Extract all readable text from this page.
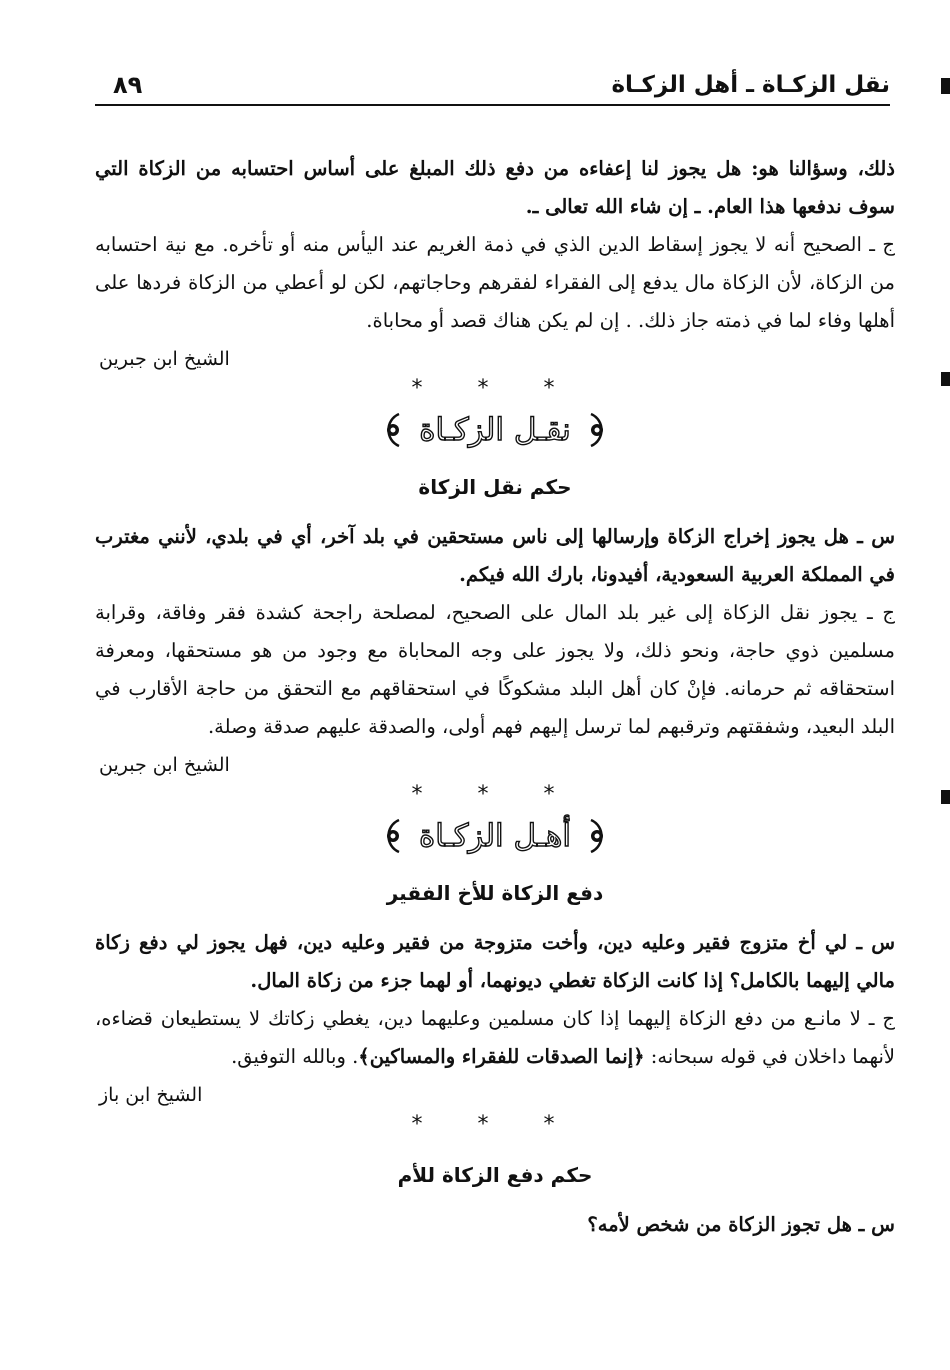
٨٩	نقل الزكـاة ـ أهل الزكـاة

ذلك، وسؤالنا هو: هل يجوز لنا إعفاءه من دفع ذلك المبلغ على أساس احتسابه من الزكاة التي سوف ندفعها هذا العام. ـ إن شاء الله تعالى ـ.

ج ـ الصحيح أنه لا يجوز إسقاط الدين الذي في ذمة الغريم عند اليأس منه أو تأخره. مع نية احتسابه من الزكاة، لأن الزكاة مال يدفع إلى الفقراء لفقرهم وحاجاتهم، لكن لو أعطي من الزكاة فردها على أهلها وفاء لما في ذمته جاز ذلك. . إن لم يكن هناك قصد أو محاباة.

الشيخ ابن جبرين

* * *
نقـل الزكـاة
حكم نقل الزكاة

س ـ هل يجوز إخراج الزكاة وإرسالها إلى ناس مستحقين في بلد آخر، أي في بلدي، لأنني مغترب في المملكة العربية السعودية، أفيدونا، بارك الله فيكم.

ج ـ يجوز نقل الزكاة إلى غير بلد المال على الصحيح، لمصلحة راجحة كشدة فقر وفاقة، وقرابة مسلمين ذوي حاجة، ونحو ذلك، ولا يجوز على وجه المحاباة مع وجود من هو مستحقها، ومعرفة استحقاقه ثم حرمانه. فإنْ كان أهل البلد مشكوكًا في استحقاقهم مع التحقق من حاجة الأقارب في البلد البعيد، وشفقتهم وترقبهم لما ترسل إليهم فهم أولى، والصدقة عليهم صدقة وصلة.

الشيخ ابن جبرين

* * *
أهـل الزكـاة
دفع الزكاة للأخ الفقير

س ـ لي أخ متزوج فقير وعليه دين، وأخت متزوجة من فقير وعليه دين، فهل يجوز لي دفع زكاة مالي إليهما بالكامل؟ إذا كانت الزكاة تغطي ديونهما، أو لهما جزء من زكاة المال.

ج ـ لا مانـع من دفع الزكاة إليهما إذا كان مسلمين وعليهما دين، يغطي زكاتك لا يستطيعان قضاءه، لأنهما داخلان في قوله سبحانه: ﴿إنما الصدقات للفقراء والمساكين﴾. وبالله التوفيق.

الشيخ ابن باز

* * *
حكم دفع الزكاة للأم

س ـ هل تجوز الزكاة من شخص لأمه؟
